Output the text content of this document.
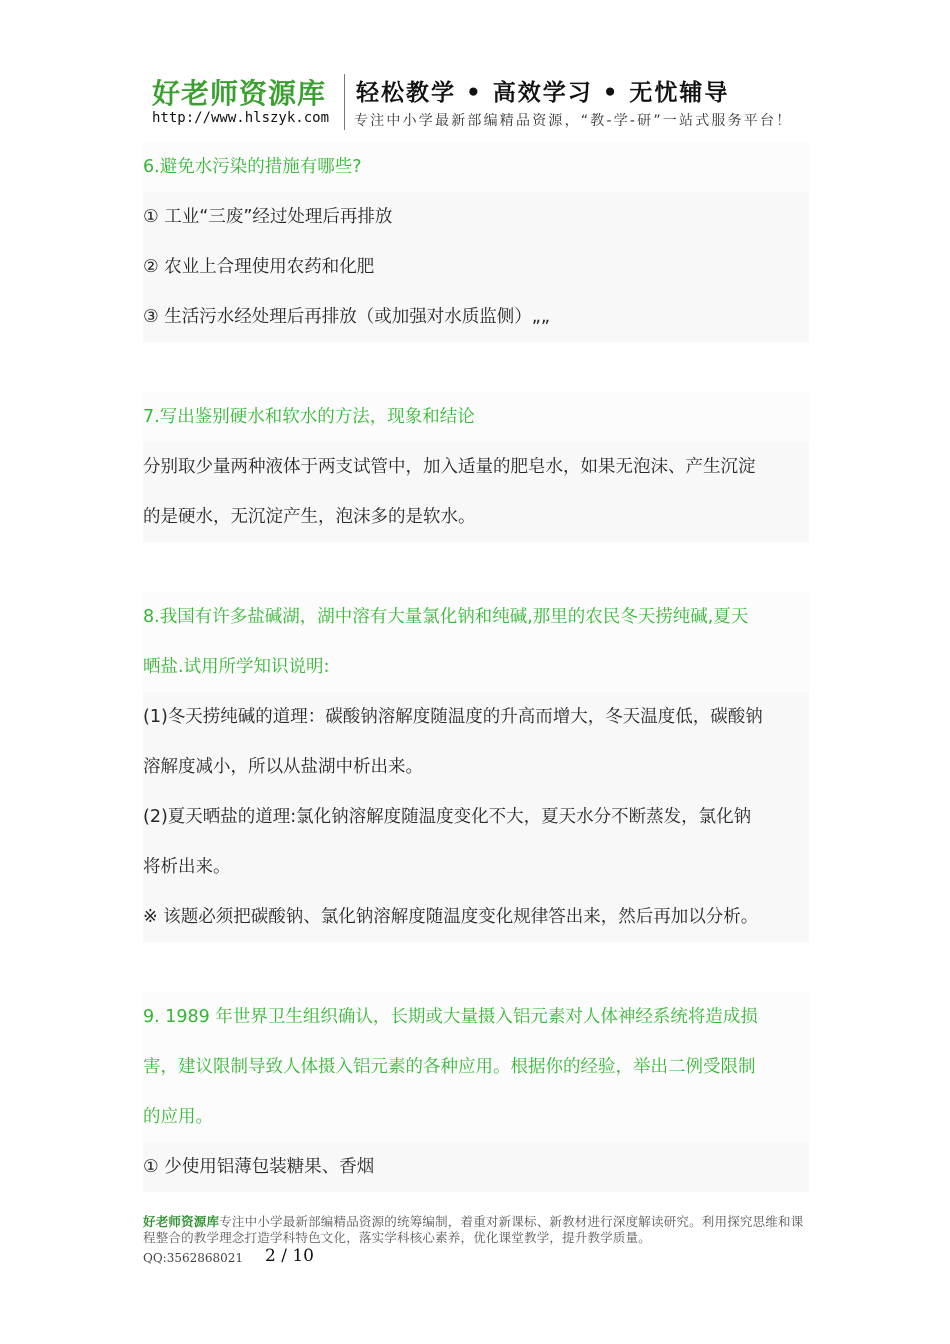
好老师资源库
http://www.hlszyk.com
轻松教学 • 高效学习 • 无忧辅导
专注中小学最新部编精品资源，“教-学-研”一站式服务平台！
6.避免水污染的措施有哪些?
① 工业“三废”经过处理后再排放
② 农业上合理使用农药和化肥
③ 生活污水经处理后再排放（或加强对水质监侧）„„
7.写出鉴别硬水和软水的方法，现象和结论
分别取少量两种液体于两支试管中，加入适量的肥皂水，如果无泡沫、产生沉淀
的是硬水，无沉淀产生，泡沫多的是软水。
8.我国有许多盐碱湖，湖中溶有大量氯化钠和纯碱,那里的农民冬天捞纯碱,夏天
晒盐.试用所学知识说明:
(1)冬天捞纯碱的道理：碳酸钠溶解度随温度的升高而增大，冬天温度低，碳酸钠
溶解度减小，所以从盐湖中析出来。
(2)夏天晒盐的道理:氯化钠溶解度随温度变化不大，夏天水分不断蒸发，氯化钠
将析出来。
※ 该题必须把碳酸钠、氯化钠溶解度随温度变化规律答出来，然后再加以分析。
9. 1989 年世界卫生组织确认，长期或大量摄入铝元素对人体神经系统将造成损
害，建议限制导致人体摄入铝元素的各种应用。根据你的经验，举出二例受限制
的应用。
① 少使用铝薄包装糖果、香烟
好老师资源库专注中小学最新部编精品资源的统筹编制，着重对新课标、新教材进行深度解读研究。利用探究思维和课程整合的教学理念打造学科特色文化，落实学科核心素养，优化课堂教学，提升教学质量。
QQ:3562868021 2 / 10
